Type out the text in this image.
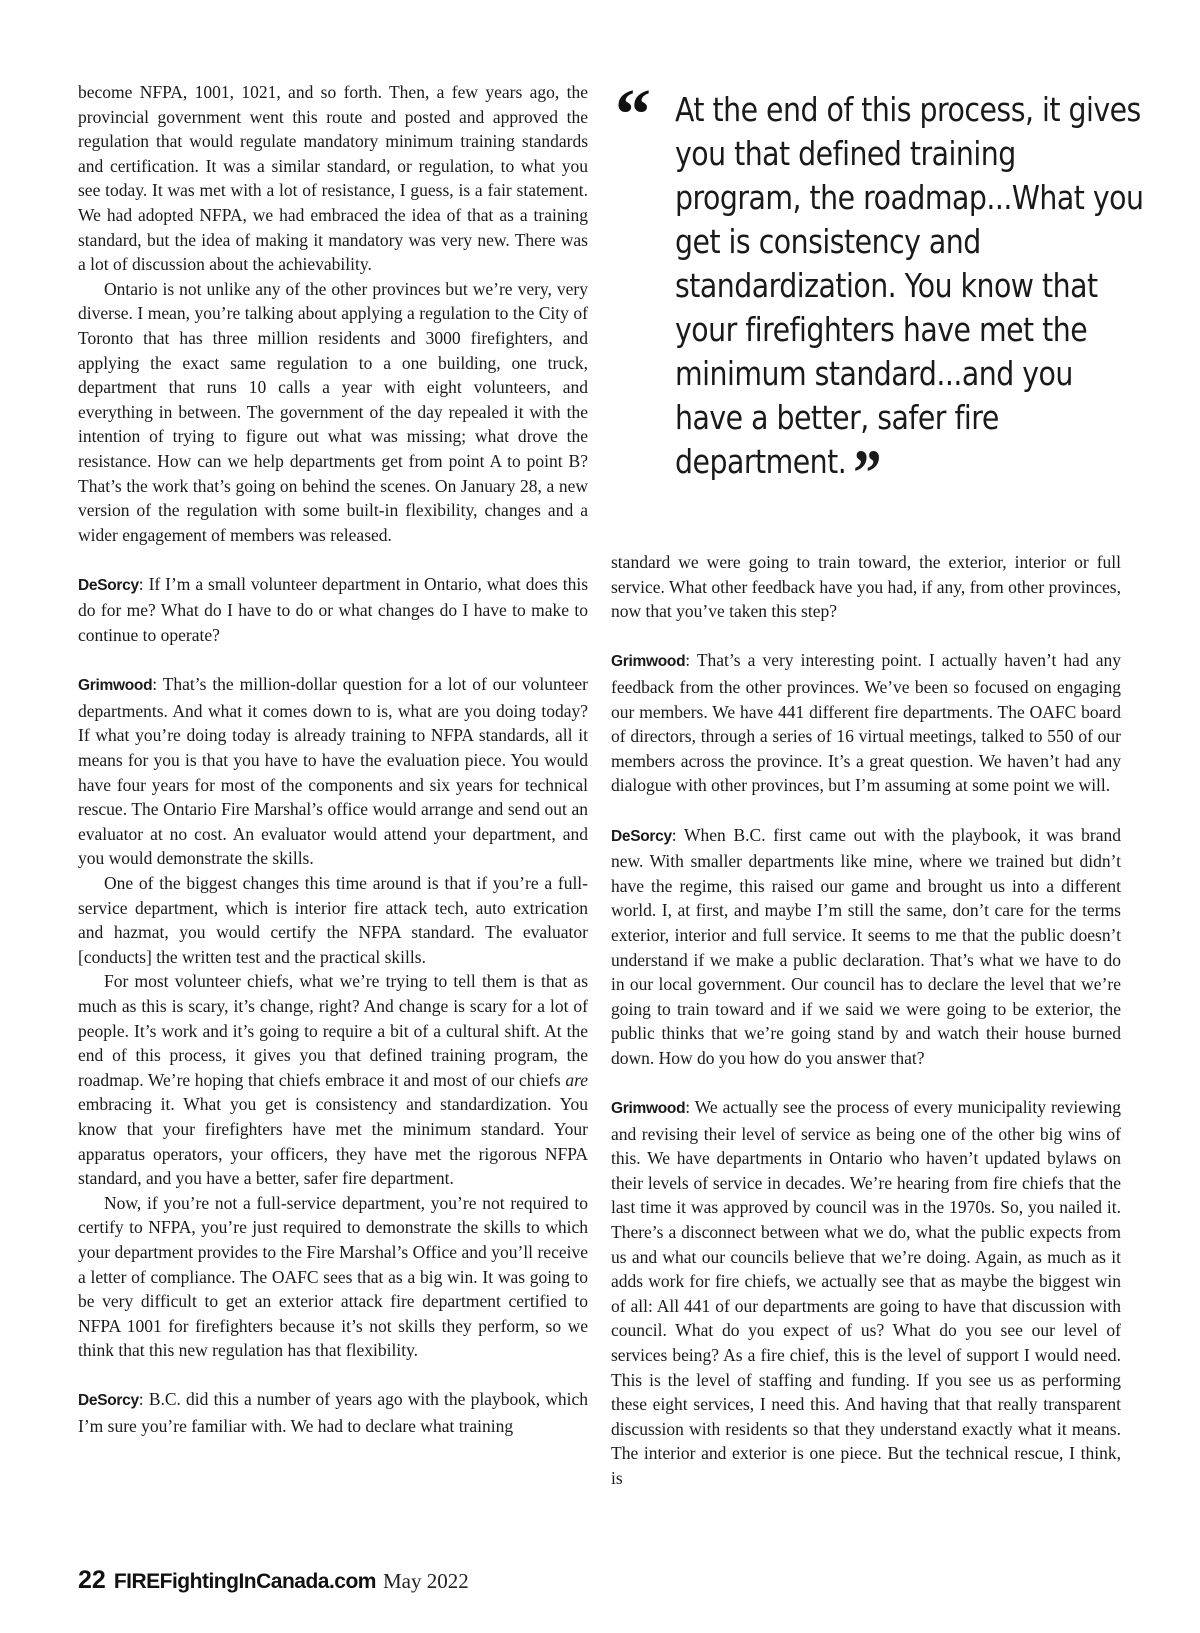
“ At the end of this process, it gives you that defined training program, the roadmap...What you get is consistency and standardization. You know that your firefighters have met the minimum standard...and you have a better, safer fire department. ”

become NFPA, 1001, 1021, and so forth. Then, a few years ago, the provincial government went this route and posted and approved the regulation that would regulate mandatory minimum training standards and certification. It was a similar standard, or regulation, to what you see today. It was met with a lot of resistance, I guess, is a fair statement. We had adopted NFPA, we had embraced the idea of that as a training standard, but the idea of making it mandatory was very new. There was a lot of discussion about the achievability.

Ontario is not unlike any of the other provinces but we’re very, very diverse. I mean, you’re talking about applying a regulation to the City of Toronto that has three million residents and 3000 firefighters, and applying the exact same regulation to a one building, one truck, department that runs 10 calls a year with eight volunteers, and everything in between. The government of the day repealed it with the intention of trying to figure out what was missing; what drove the resistance. How can we help departments get from point A to point B? That’s the work that’s going on behind the scenes. On January 28, a new version of the regulation with some built-in flexibility, changes and a wider engagement of members was released.

DeSorcy: If I’m a small volunteer department in Ontario, what does this do for me? What do I have to do or what changes do I have to make to continue to operate?

Grimwood: That’s the million-dollar question for a lot of our volunteer departments. And what it comes down to is, what are you doing today? If what you’re doing today is already training to NFPA standards, all it means for you is that you have to have the evaluation piece. You would have four years for most of the components and six years for technical rescue. The Ontario Fire Marshal’s office would arrange and send out an evaluator at no cost. An evaluator would attend your department, and you would demonstrate the skills.

One of the biggest changes this time around is that if you’re a full-service department, which is interior fire attack tech, auto extrication and hazmat, you would certify the NFPA standard. The evaluator [conducts] the written test and the practical skills.

For most volunteer chiefs, what we’re trying to tell them is that as much as this is scary, it’s change, right? And change is scary for a lot of people. It’s work and it’s going to require a bit of a cultural shift. At the end of this process, it gives you that defined training program, the roadmap. We’re hoping that chiefs embrace it and most of our chiefs are embracing it. What you get is consistency and standardization. You know that your firefighters have met the minimum standard. Your apparatus operators, your officers, they have met the rigorous NFPA standard, and you have a better, safer fire department.

Now, if you’re not a full-service department, you’re not required to certify to NFPA, you’re just required to demonstrate the skills to which your department provides to the Fire Marshal’s Office and you’ll receive a letter of compliance. The OAFC sees that as a big win. It was going to be very difficult to get an exterior attack fire department certified to NFPA 1001 for firefighters because it’s not skills they perform, so we think that this new regulation has that flexibility.

DeSorcy: B.C. did this a number of years ago with the playbook, which I’m sure you’re familiar with. We had to declare what training

standard we were going to train toward, the exterior, interior or full service. What other feedback have you had, if any, from other provinces, now that you’ve taken this step?

Grimwood: That’s a very interesting point. I actually haven’t had any feedback from the other provinces. We’ve been so focused on engaging our members. We have 441 different fire departments. The OAFC board of directors, through a series of 16 virtual meetings, talked to 550 of our members across the province. It’s a great question. We haven’t had any dialogue with other provinces, but I’m assuming at some point we will.

DeSorcy: When B.C. first came out with the playbook, it was brand new. With smaller departments like mine, where we trained but didn’t have the regime, this raised our game and brought us into a different world. I, at first, and maybe I’m still the same, don’t care for the terms exterior, interior and full service. It seems to me that the public doesn’t understand if we make a public declaration. That’s what we have to do in our local government. Our council has to declare the level that we’re going to train toward and if we said we were going to be exterior, the public thinks that we’re going stand by and watch their house burned down. How do you how do you answer that?

Grimwood: We actually see the process of every municipality reviewing and revising their level of service as being one of the other big wins of this. We have departments in Ontario who haven’t updated bylaws on their levels of service in decades. We’re hearing from fire chiefs that the last time it was approved by council was in the 1970s. So, you nailed it. There’s a disconnect between what we do, what the public expects from us and what our councils believe that we’re doing. Again, as much as it adds work for fire chiefs, we actually see that as maybe the biggest win of all: All 441 of our departments are going to have that discussion with council. What do you expect of us? What do you see our level of services being? As a fire chief, this is the level of support I would need. This is the level of staffing and funding. If you see us as performing these eight services, I need this. And having that that really transparent discussion with residents so that they understand exactly what it means. The interior and exterior is one piece. But the technical rescue, I think, is

22 FIREFightingInCanada.com May 2022
